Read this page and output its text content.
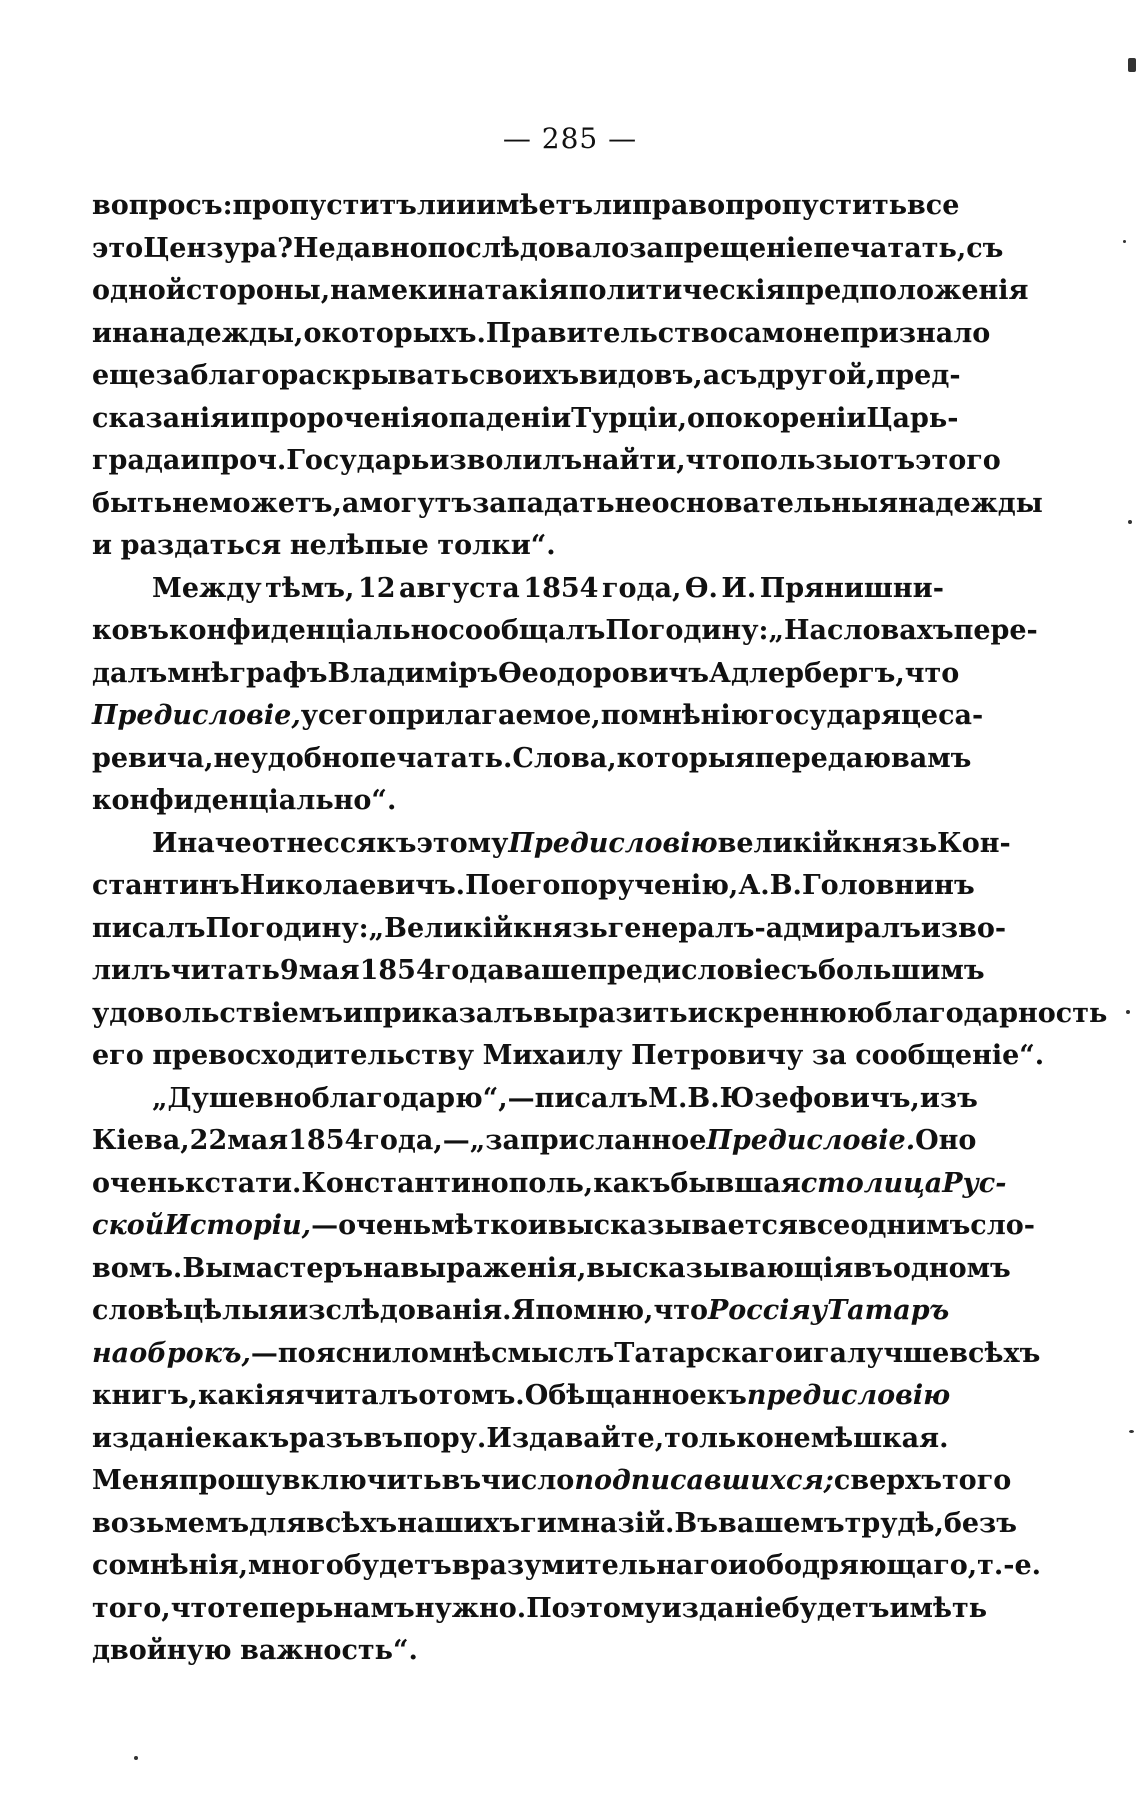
— 285 —
вопросъ: пропуститъ ли и имѣетъ ли право пропустить все
это Цензура? Недавно послѣдовало запрещеніе печатать, съ
одной стороны, намеки на такія политическія предположенія
и на надежды, о которыхъ. Правительство само не признало
еще за благо раскрывать своихъ видовъ, а съ другой, пред-
сказанія и пророченія о паденіи Турціи, о покореніи Царь-
града и проч. Государь изволилъ найти, что пользы отъ этого
быть не можетъ, а могутъ западать неосновательныя надежды
и раздаться нелѣпые толки“.
Между тѣмъ, 12 августа 1854 года, Ѳ. И. Прянишни-
ковъ конфиденціально сообщалъ Погодину: „На словахъ пере-
далъ мнѣ графъ Владиміръ Ѳеодоровичъ Адлербергъ, что
Предисловіе, у сего прилагаемое, по мнѣнію государя цеса-
ревича, неудобно печатать. Слова, которыя передаю вамъ
конфиденціально“.
Иначе отнесся къ этому Предисловію великій князь Кон-
стантинъ Николаевичъ. По его порученію, А. В. Головнинъ
писалъ Погодину: „Великій князь генералъ-адмиралъ изво-
лилъ читать 9 мая 1854 года ваше предисловіе съ большимъ
удовольствіемъ и приказалъ выразить искреннюю благодарность
его превосходительству Михаилу Петровичу за сообщеніе“.
„Душевно благодарю“,—писалъ М. В. Юзефовичъ, изъ
Кіева, 22 мая 1854 года,— „за присланное Предисловіе. Оно
очень кстати. Константинополь, какъ бывшая столица Рус-
ской Исторіи, —очень мѣтко и высказывается все однимъ сло-
вомъ. Вы мастеръ на выраженія, высказывающія въ одномъ
словѣ цѣлыя изслѣдованія. Я помню, что Россія у Татаръ
на оброкъ, —пояснило мнѣ смыслъ Татарскаго ига лучше всѣхъ
книгъ, какія я читалъ о томъ. Обѣщанное къ предисловію
изданіе какъ разъ въ пору. Издавайте, только не мѣшкая.
Меня прошу включить въ число подписавшихся; сверхъ того
возьмемъ для всѣхъ нашихъ гимназій. Въ вашемъ трудѣ, безъ
сомнѣнія, много будетъ вразумительнаго и ободряющаго, т.-е.
того, что теперь намъ нужно. По этому изданіе будетъ имѣть
двойную важность“.
